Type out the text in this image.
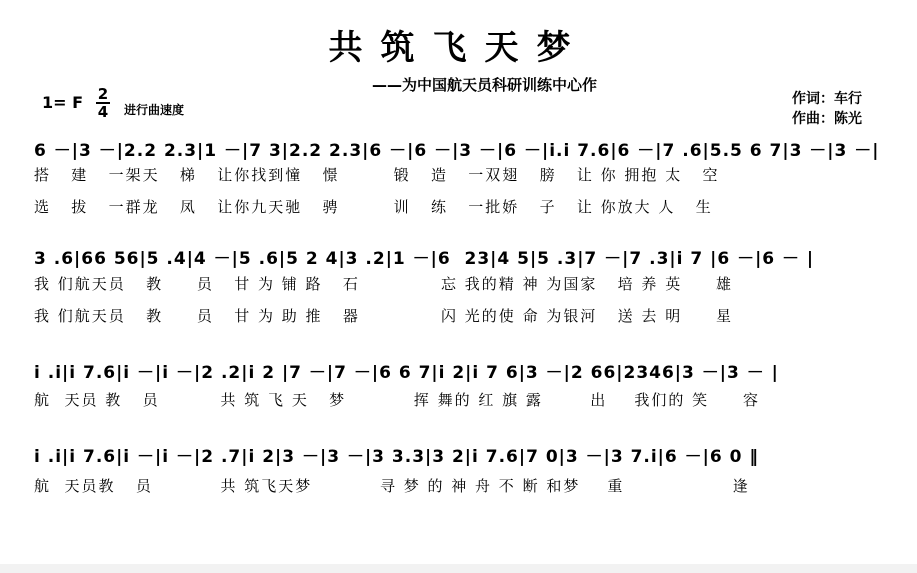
共筑飞天梦
——为中国航天员科研训练中心作
1= F $\frac{2}{4}$ 进行曲速度
作词：车行
作曲：陈光
6 －|3 －|2.2 2.3|1 －|7 3|2.2 2.3|6 －|6 －|3 －|6 －|i.i 7.6|6 －|7 .6|5.5 6 7|3 －|3 －|
搭   建   一架天   梯   让你找到憧   憬        锻   造   一双翅   膀   让 你 拥抱 太   空
选   拔   一群龙   凤   让你九天驰   骋        训   练   一批娇   子   让 你放大 人   生
3 .6|66 56|5 .4|4 －|5 .6|5 2 4|3 .2|1 －|6  23|4 5|5 .3|7 －|7 .3|i 7 |6 －|6 － |
我 们航天员   教     员   甘 为 铺 路   石            忘 我的精 神 为国家   培 养 英     雄
我 们航天员   教     员   甘 为 助 推   器            闪 光的使 命 为银河   送 去 明     星
i .i|i 7.6|i －|i －|2 .2|i 2 |7 －|7 －|6 6 7|i 2|i 7 6|3 －|2 66|2346|3 －|3 － |
航  天员 教   员         共 筑 飞 天   梦          挥 舞的 红 旗 露       出    我们的 笑     容
i .i|i 7.6|i －|i －|2 .7|i 2|3 －|3 －|3 3.3|3 2|i 7.6|7 0|3 －|3 7.i|6 －|6 0 ‖
航  天员教   员          共 筑飞天梦          寻 梦 的 神 舟 不 断 和梦    重                逢
